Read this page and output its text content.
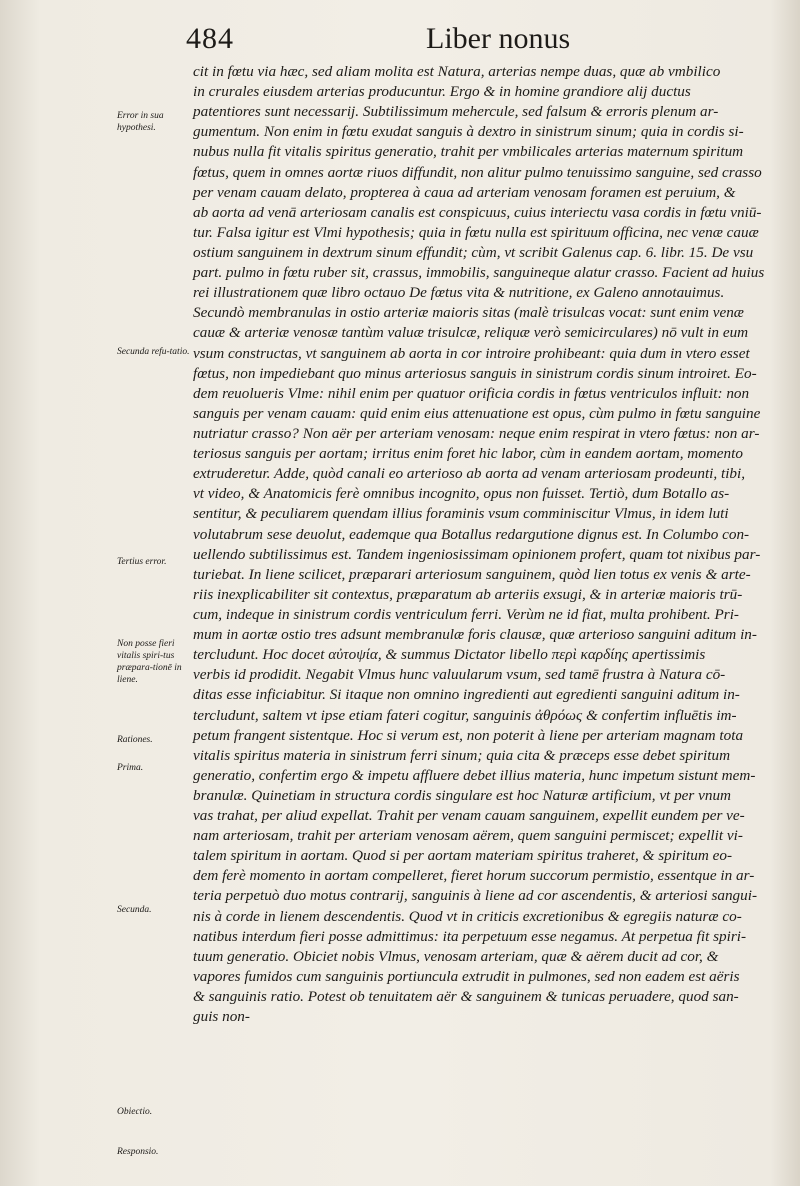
484	Liber nonus
Error in sua hypothesi.
Secunda refu-tatio.
Tertius error.
Non posse fieri vitalis spiri-tus præpara-tionē in liene.
Rationes.
Prima.
Secunda.
Obiectio.
Responsio.
cit in fœtu via hæc, sed aliam molita est Natura, arterias nempe duas, quæ ab vmbilico
in crurales eiusdem arterias producuntur. Ergo & in homine grandiore alij ductus
patentiores sunt necessarij. Subtilissimum mehercule, sed falsum & erroris plenum ar-
gumentum. Non enim in fœtu exudat sanguis à dextro in sinistrum sinum; quia in cordis si-
nubus nulla fit vitalis spiritus generatio, trahit per vmbilicales arterias maternum spiritum
fœtus, quem in omnes aortæ riuos diffundit, non alitur pulmo tenuissimo sanguine, sed crasso
per venam cauam delato, propterea à caua ad arteriam venosam foramen est peruium, &
ab aorta ad venā arteriosam canalis est conspicuus, cuius interiectu vasa cordis in fœtu vniū-
tur. Falsa igitur est Vlmi hypothesis; quia in fœtu nulla est spirituum officina, nec venæ cauæ
ostium sanguinem in dextrum sinum effundit; cùm, vt scribit Galenus cap. 6. libr. 15. De vsu
part. pulmo in fœtu ruber sit, crassus, immobilis, sanguineque alatur crasso. Facient ad huius
rei illustrationem quæ libro octauo De fœtus vita & nutritione, ex Galeno annotauimus.
Secundò membranulas in ostio arteriæ maioris sitas (malè trisulcas vocat: sunt enim venæ
cauæ & arteriæ venosæ tantùm valuæ trisulcæ, reliquæ verò semicirculares) nō vult in eum
vsum constructas, vt sanguinem ab aorta in cor introire prohibeant: quia dum in vtero esset
fœtus, non impediebant quo minus arteriosus sanguis in sinistrum cordis sinum introiret. Eo-
dem reuolueris Vlme: nihil enim per quatuor orificia cordis in fœtus ventriculos influit: non
sanguis per venam cauam: quid enim eius attenuatione est opus, cùm pulmo in fœtu sanguine
nutriatur crasso? Non aër per arteriam venosam: neque enim respirat in vtero fœtus: non ar-
teriosus sanguis per aortam; irritus enim foret hic labor, cùm in eandem aortam, momento
extruderetur. Adde, quòd canali eo arterioso ab aorta ad venam arteriosam prodeunti, tibi,
vt video, & Anatomicis ferè omnibus incognito, opus non fuisset. Tertiò, dum Botallo as-
sentitur, & peculiarem quendam illius foraminis vsum comminiscitur Vlmus, in idem luti
volutabrum sese deuolut, eademque qua Botallus redargutione dignus est. In Columbo con-
uellendo subtilissimus est. Tandem ingeniosissimam opinionem profert, quam tot nixibus par-
turiebat. In liene scilicet, præparari arteriosum sanguinem, quòd lien totus ex venis & arte-
riis inexplicabiliter sit contextus, præparatum ab arteriis exsugi, & in arteriæ maioris trū-
cum, indeque in sinistrum cordis ventriculum ferri. Verùm ne id fiat, multa prohibent. Pri-
mum in aortæ ostio tres adsunt membranulæ foris clausæ, quæ arterioso sanguini aditum in-
tercludunt. Hoc docet αὐτοψία, & summus Dictator libello περὶ καρδίης apertissimis
verbis id prodidit. Negabit Vlmus hunc valuularum vsum, sed tamē frustra à Natura cō-
ditas esse inficiabitur. Si itaque non omnino ingredienti aut egredienti sanguini aditum in-
tercludunt, saltem vt ipse etiam fateri cogitur, sanguinis ἀθρόως & confertim influētis im-
petum frangent sistentque. Hoc si verum est, non poterit à liene per arteriam magnam tota
vitalis spiritus materia in sinistrum ferri sinum; quia cita & præceps esse debet spiritum
generatio, confertim ergo & impetu affluere debet illius materia, hunc impetum sistunt mem-
branulæ. Quinetiam in structura cordis singulare est hoc Naturæ artificium, vt per vnum
vas trahat, per aliud expellat. Trahit per venam cauam sanguinem, expellit eundem per ve-
nam arteriosam, trahit per arteriam venosam aërem, quem sanguini permiscet; expellit vi-
talem spiritum in aortam. Quod si per aortam materiam spiritus traheret, & spiritum eo-
dem ferè momento in aortam compelleret, fieret horum succorum permistio, essentque in ar-
teria perpetuò duo motus contrarij, sanguinis à liene ad cor ascendentis, & arteriosi sangui-
nis à corde in lienem descendentis. Quod vt in criticis excretionibus & egregiis naturæ co-
natibus interdum fieri posse admittimus: ita perpetuum esse negamus. At perpetua fit spiri-
tuum generatio. Obiciet nobis Vlmus, venosam arteriam, quæ & aërem ducit ad cor, &
vapores fumidos cum sanguinis portiuncula extrudit in pulmones, sed non eadem est aëris
& sanguinis ratio. Potest ob tenuitatem aër & sanguinem & tunicas peruadere, quod san-
guis non-
